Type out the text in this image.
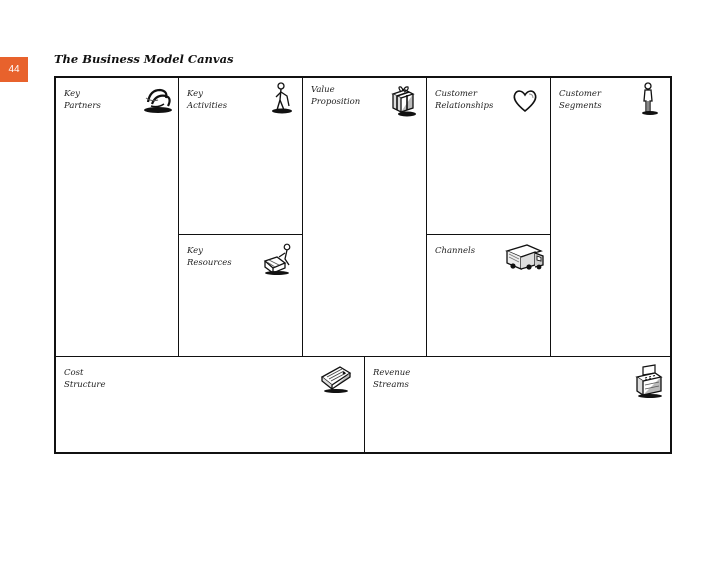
44
The Business Model Canvas
Key
Partners
Key
Activities
Key
Resources
Value
Proposition
Customer
Relationships
Channels
Customer
Segments
Cost
Structure
Revenue
Streams
